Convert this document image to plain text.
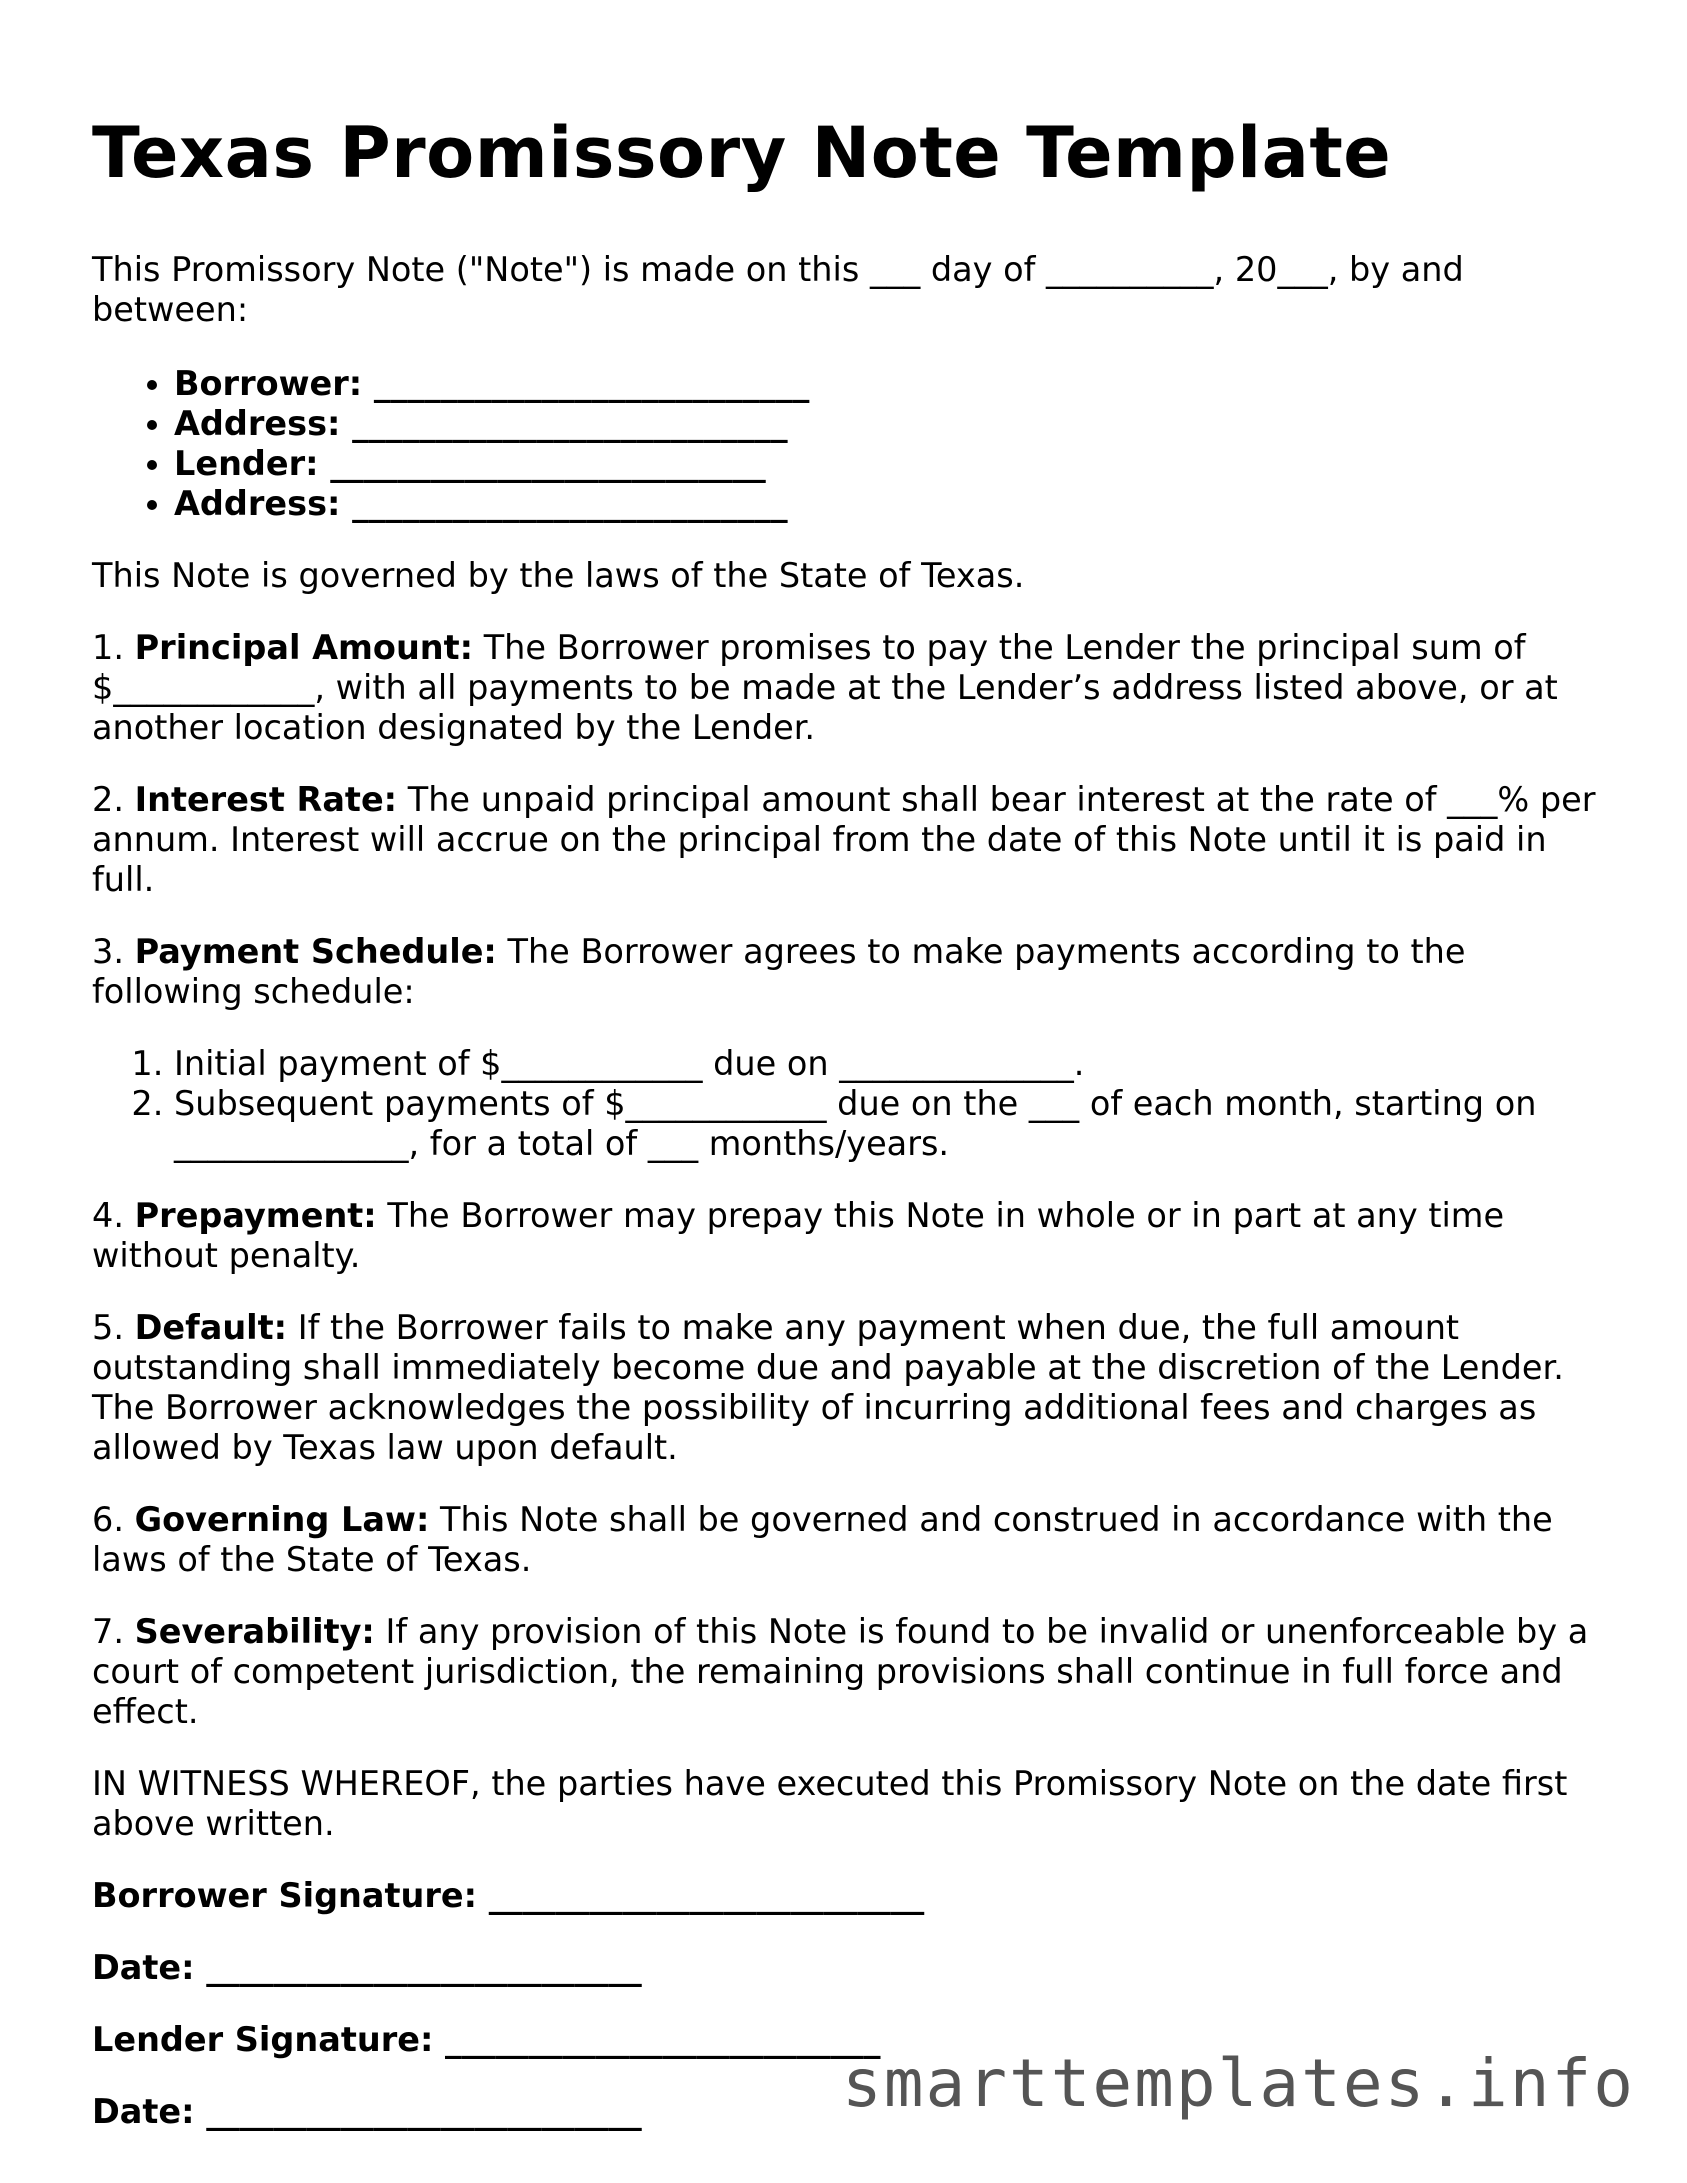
Texas Promissory Note Template

This Promissory Note ("Note") is made on this ___ day of __________, 20___, by and between:

• Borrower: __________________________
• Address: __________________________
• Lender: __________________________
• Address: __________________________

This Note is governed by the laws of the State of Texas.

1. Principal Amount: The Borrower promises to pay the Lender the principal sum of $____________, with all payments to be made at the Lender’s address listed above, or at another location designated by the Lender.

2. Interest Rate: The unpaid principal amount shall bear interest at the rate of ___% per annum. Interest will accrue on the principal from the date of this Note until it is paid in full.

3. Payment Schedule: The Borrower agrees to make payments according to the following schedule:

1. Initial payment of $____________ due on ______________.
2. Subsequent payments of $____________ due on the ___ of each month, starting on ______________, for a total of ___ months/years.

4. Prepayment: The Borrower may prepay this Note in whole or in part at any time without penalty.

5. Default: If the Borrower fails to make any payment when due, the full amount outstanding shall immediately become due and payable at the discretion of the Lender. The Borrower acknowledges the possibility of incurring additional fees and charges as allowed by Texas law upon default.

6. Governing Law: This Note shall be governed and construed in accordance with the laws of the State of Texas.

7. Severability: If any provision of this Note is found to be invalid or unenforceable by a court of competent jurisdiction, the remaining provisions shall continue in full force and effect.

IN WITNESS WHEREOF, the parties have executed this Promissory Note on the date first above written.

Borrower Signature: __________________________

Date: __________________________

Lender Signature: __________________________

Date: __________________________	smarttemplates.info
